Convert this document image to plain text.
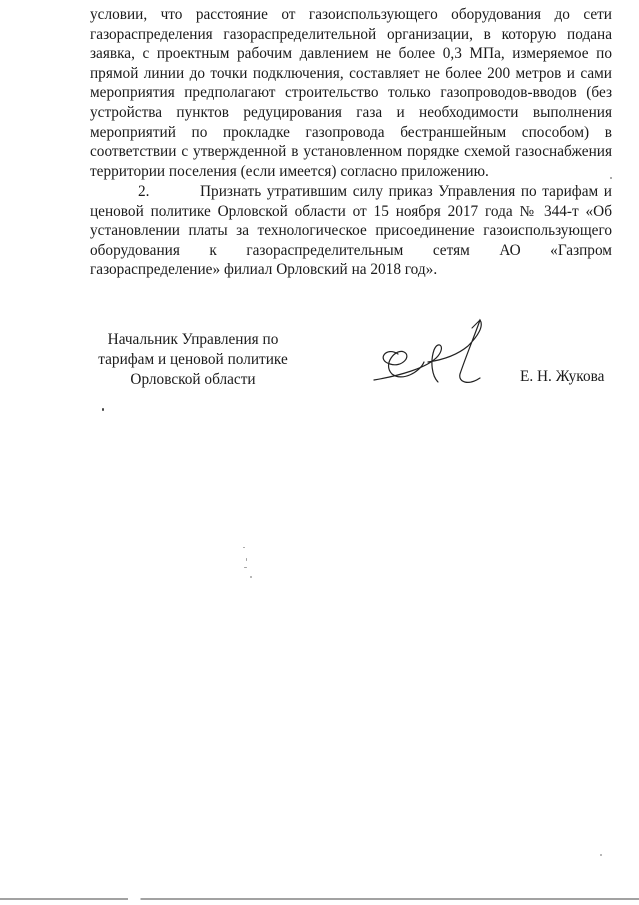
условии, что расстояние от газоиспользующего оборудования до сети газораспределения газораспределительной организации, в которую подана заявка, с проектным рабочим давлением не более 0,3 МПа, измеряемое по прямой линии до точки подключения, составляет не более 200 метров и сами мероприятия предполагают строительство только газопроводов-вводов (без устройства пунктов редуцирования газа и необходимости выполнения мероприятий по прокладке газопровода бестраншейным способом) в соответствии с утвержденной в установленном порядке схемой газоснабжения территории поселения (если имеется) согласно приложению.

2.	Признать утратившим силу приказ Управления по тарифам и ценовой политике Орловской области от 15 ноября 2017 года № 344-т «Об установлении платы за технологическое присоединение газоиспользующего оборудования к газораспределительным сетям АО «Газпром газораспределение» филиал Орловский на 2018 год».

Начальник Управления по
тарифам и ценовой политике
Орловской области	Е. Н. Жукова
